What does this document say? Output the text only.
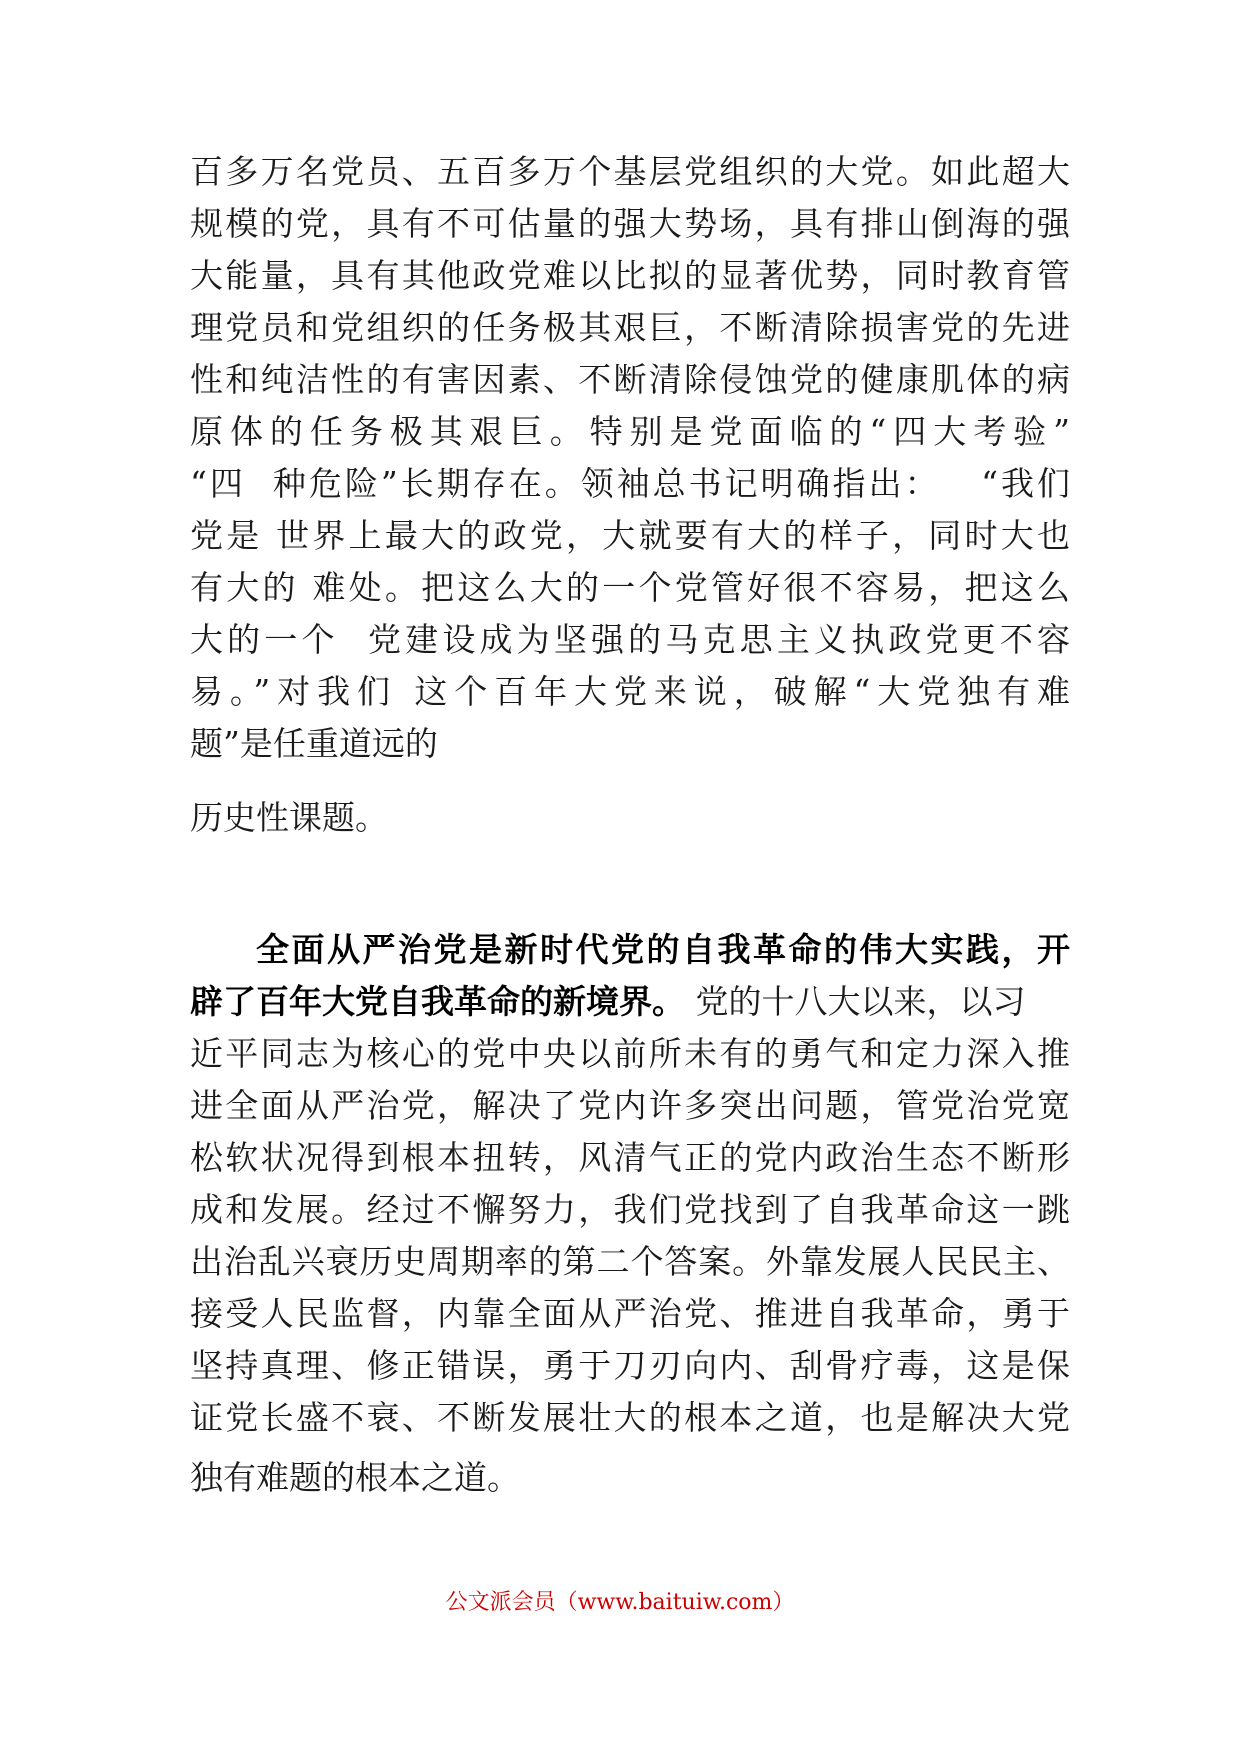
百多万名党员、五百多万个基层党组织的大党。如此超大
规模的党，具有不可估量的强大势场，具有排山倒海的强
大能量，具有其他政党难以比拟的显著优势，同时教育管
理党员和党组织的任务极其艰巨，不断清除损害党的先进
性和纯洁性的有害因素、不断清除侵蚀党的健康肌体的病
原体的任务极其艰巨。特别是党面临的“四大考验”
“四  种危险”长期存在。领袖总书记明确指出：   “我们
党是 世界上最大的政党，大就要有大的样子，同时大也
有大的 难处。把这么大的一个党管好很不容易，把这么
大的一个  党建设成为坚强的马克思主义执政党更不容
易。”对我们 这个百年大党来说，破解“大党独有难
题”是任重道远的
历史性课题。
全面从严治党是新时代党的自我革命的伟大实践，开
辟了百年大党自我革命的新境界。 党的十八大以来，以习
近平同志为核心的党中央以前所未有的勇气和定力深入推
进全面从严治党，解决了党内许多突出问题，管党治党宽
松软状况得到根本扭转，风清气正的党内政治生态不断形
成和发展。经过不懈努力，我们党找到了自我革命这一跳
出治乱兴衰历史周期率的第二个答案。外靠发展人民民主、
接受人民监督，内靠全面从严治党、推进自我革命，勇于
坚持真理、修正错误，勇于刀刃向内、刮骨疗毒，这是保
证党长盛不衰、不断发展壮大的根本之道，也是解决大党
独有难题的根本之道。
公文派会员（www.baituiw.com）
